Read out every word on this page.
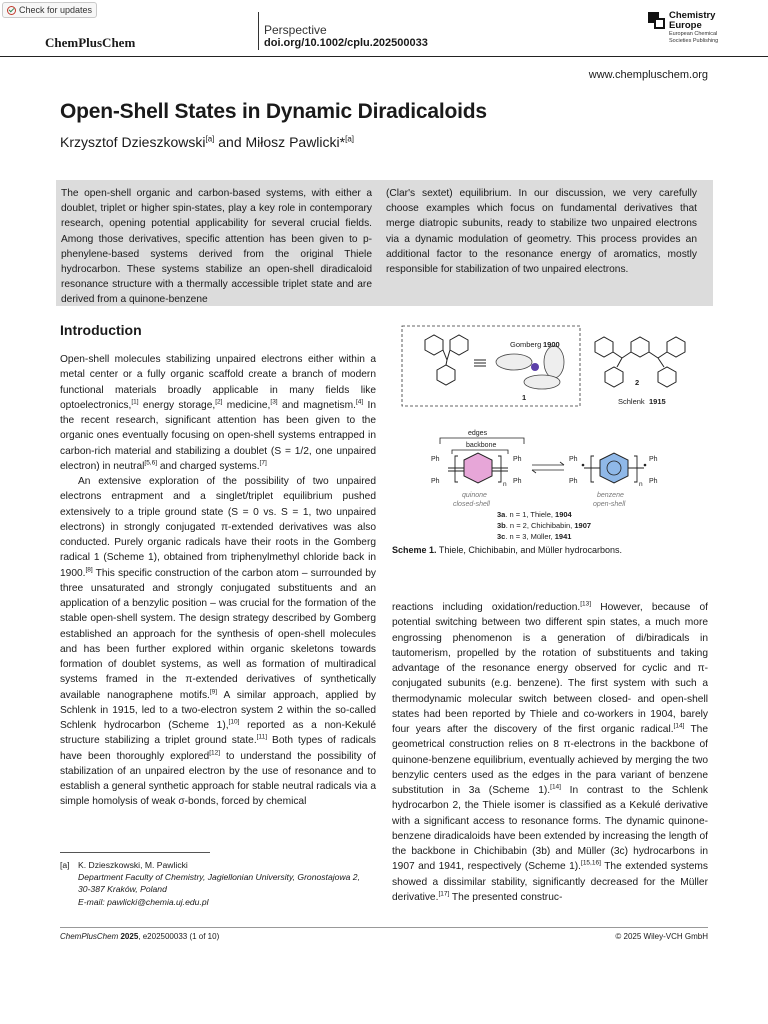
Check for updates
ChemPlusChem
Perspective
doi.org/10.1002/cplu.202500033
Chemistry
Europe
European Chemical
Societies Publishing
www.chempluschem.org
Open-Shell States in Dynamic Diradicaloids
Krzysztof Dzieszkowski[a] and Miłosz Pawlicki*[a]
The open-shell organic and carbon-based systems, with either a doublet, triplet or higher spin-states, play a key role in contemporary research, opening potential applicability for several crucial fields. Among those derivatives, specific attention has been given to p-phenylene-based systems derived from the original Thiele hydrocarbon. These systems stabilize an open-shell diradicaloid resonance structure with a thermally accessible triplet state and are derived from a quinone-benzene
(Clar's sextet) equilibrium. In our discussion, we very carefully choose examples which focus on fundamental derivatives that merge diatropic subunits, ready to stabilize two unpaired electrons via a dynamic modulation of geometry. This process provides an additional factor to the resonance energy of aromatics, mostly responsible for stabilization of two unpaired electrons.
Introduction

Open-shell molecules stabilizing unpaired electrons either within a metal center or a fully organic scaffold create a branch of modern functional materials broadly applicable in many fields like optoelectronics,[1] energy storage,[2] medicine,[3] and magnetism.[4] In the recent research, significant attention has been given to the organic ones eventually focusing on open-shell systems entrapped in carbon-rich material and stabilizing a doublet (S = 1/2, one unpaired electron) in neutral[5,6] and charged systems.[7]

An extensive exploration of the possibility of two unpaired electrons entrapment and a singlet/triplet equilibrium pushed extensively to a triple ground state (S = 0 vs. S = 1, two unpaired electrons) in strongly conjugated π-extended derivatives was also conducted. Purely organic radicals have their roots in the Gomberg radical 1 (Scheme 1), obtained from triphenylmethyl chloride back in 1900.[8] This specific construction of the carbon atom – surrounded by three unsaturated and strongly conjugated substituents and an application of a benzylic position – was crucial for the formation of the stable open-shell system. The design strategy described by Gomberg established an approach for the synthesis of open-shell molecules and has been further explored within organic skeletons towards formation of doublet systems, as well as formation of multiradical systems framed in the π-extended derivatives of synthetically available nanographene motifs.[9] A similar approach, applied by Schlenk in 1915, led to a two-electron system 2 within the so-called Schlenk hydrocarbon (Scheme 1),[10] reported as a non-Kekulé structure stabilizing a triplet ground state.[11] Both types of radicals have been thoroughly explored[12] to understand the possibility of stabilization of an unpaired electron by the use of resonance and to establish a general synthetic approach for stable neutral radicals via a simple homolysis of weak σ-bonds, forced by chemical

Gomberg 1900
1
2
Schlenk 1915
edges
backbone
Ph
Ph
Ph
Ph
n
quinone
closed-shell
Ph
Ph
Ph
Ph
n
benzene
open-shell
3a. n = 1, Thiele, 1904
3b. n = 2, Chichibabin, 1907
3c. n = 3, Müller, 1941
Scheme 1. Thiele, Chichibabin, and Müller hydrocarbons.

reactions including oxidation/reduction.[13] However, because of potential switching between two different spin states, a much more engrossing phenomenon is a generation of di/biradicals in tautomerism, propelled by the rotation of substituents and taking advantage of the resonance energy observed for cyclic and π-conjugated subunits (e.g. benzene). The first system with such a thermodynamic molecular switch between closed- and open-shell states had been reported by Thiele and co-workers in 1904, barely four years after the discovery of the first organic radical.[14] The geometrical construction relies on 8 π-electrons in the backbone of quinone-benzene equilibrium, eventually achieved by merging the two benzylic centers used as the edges in the para variant of benzene substitution in 3a (Scheme 1).[14] In contrast to the Schlenk hydrocarbon 2, the Thiele isomer is classified as a Kekulé derivative with a significant access to resonance forms. The dynamic quinone-benzene diradicaloids have been extended by increasing the length of the backbone in Chichibabin (3b) and Müller (3c) hydrocarbons in 1907 and 1941, respectively (Scheme 1).[15,16] The extended systems showed a dissimilar stability, significantly decreased for the Müller derivative.[17] The presented construc-

[a] K. Dzieszkowski, M. Pawlicki
Department Faculty of Chemistry, Jagiellonian University, Gronostajowa 2,
30-387 Kraków, Poland
E-mail: pawlicki@chemia.uj.edu.pl
ChemPlusChem 2025, e202500033 (1 of 10)	© 2025 Wiley-VCH GmbH
